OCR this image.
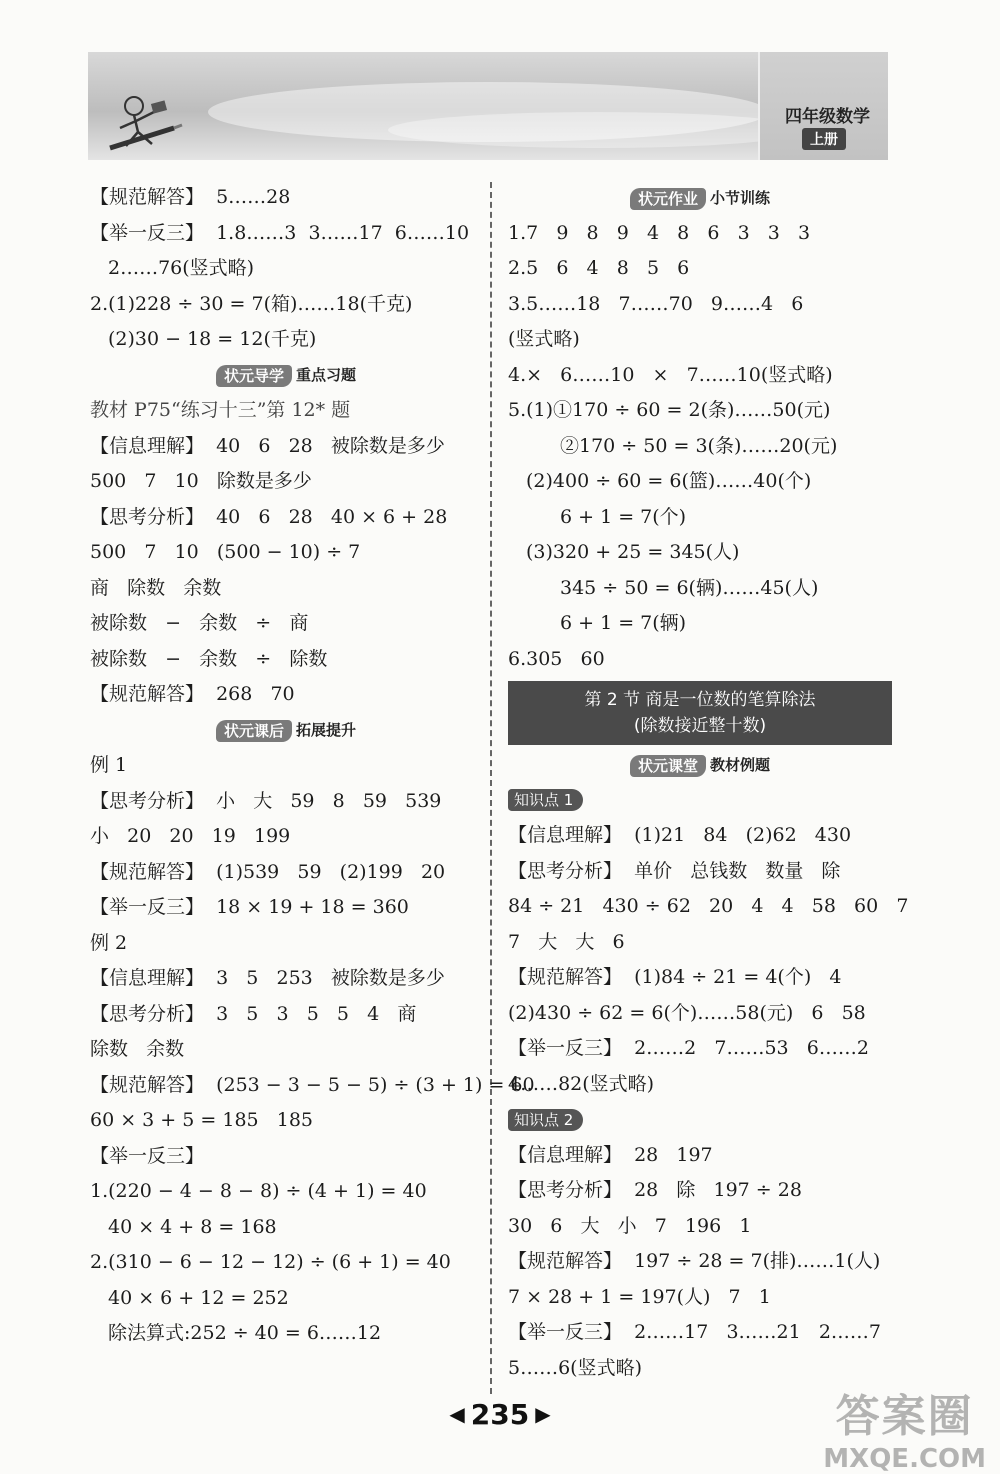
四年级数学
上册
【规范解答】  5……28
【举一反三】  1.8……3  3……17  6……10
2……76(竖式略)
2.(1)228 ÷ 30 = 7(箱)……18(千克)
(2)30 − 18 = 12(千克)
状元导学 重点习题
教材 P75“练习十三”第 12* 题
【信息理解】  40   6   28   被除数是多少
500   7   10   除数是多少
【思考分析】  40   6   28   40 × 6 + 28
500   7   10   (500 − 10) ÷ 7
商   除数   余数
被除数   −   余数   ÷   商
被除数   −   余数   ÷   除数
【规范解答】  268   70
状元课后 拓展提升
例 1
【思考分析】  小   大   59   8   59   539
小   20   20   19   199
【规范解答】  (1)539   59   (2)199   20
【举一反三】  18 × 19 + 18 = 360
例 2
【信息理解】  3   5   253   被除数是多少
【思考分析】  3   5   3   5   5   4   商
除数   余数
【规范解答】  (253 − 3 − 5 − 5) ÷ (3 + 1) = 60
60 × 3 + 5 = 185   185
【举一反三】
1.(220 − 4 − 8 − 8) ÷ (4 + 1) = 40
40 × 4 + 8 = 168
2.(310 − 6 − 12 − 12) ÷ (6 + 1) = 40
40 × 6 + 12 = 252
除法算式:252 ÷ 40 = 6……12
状元作业 小节训练
1.7   9   8   9   4   8   6   3   3   3
2.5   6   4   8   5   6
3.5……18   7……70   9……4   6
(竖式略)
4.×   6……10   ×   7……10(竖式略)
5.(1)①170 ÷ 60 = 2(条)……50(元)
②170 ÷ 50 = 3(条)……20(元)
(2)400 ÷ 60 = 6(篮)……40(个)
6 + 1 = 7(个)
(3)320 + 25 = 345(人)
345 ÷ 50 = 6(辆)……45(人)
6 + 1 = 7(辆)
6.305   60
第 2 节 商是一位数的笔算除法
(除数接近整十数)
状元课堂 教材例题
知识点 1
【信息理解】  (1)21   84   (2)62   430
【思考分析】  单价   总钱数   数量   除
84 ÷ 21   430 ÷ 62   20   4   4   58   60   7
7   大   大   6
【规范解答】  (1)84 ÷ 21 = 4(个)   4
(2)430 ÷ 62 = 6(个)……58(元)   6   58
【举一反三】  2……2   7……53   6……2
4……82(竖式略)
知识点 2
【信息理解】  28   197
【思考分析】  28   除   197 ÷ 28
30   6   大   小   7   196   1
【规范解答】  197 ÷ 28 = 7(排)……1(人)
7 × 28 + 1 = 197(人)   7   1
【举一反三】  2……17   3……21   2……7
5……6(竖式略)
◀ 235 ▶	答案圈
MXQE.COM
